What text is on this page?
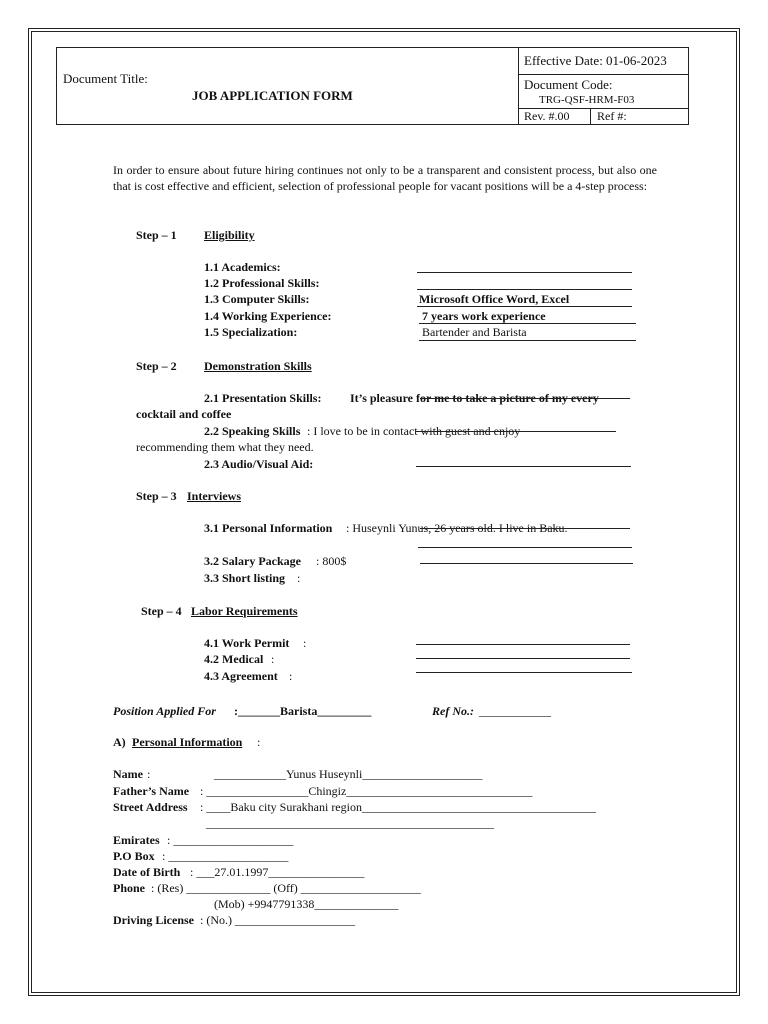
Document Title:
JOB APPLICATION FORM
Effective Date: 01-06-2023
Document Code:
TRG-QSF-HRM-F03
Rev. #.00 Ref #:
In order to ensure about future hiring continues not only to be a transparent and consistent process, but also one that is cost effective and efficient, selection of professional people for vacant positions will be a 4-step process:
Step – 1 Eligibility
1.1 Academics:
1.2 Professional Skills:
1.3 Computer Skills:	Microsoft Office Word, Excel
1.4 Working Experience:	7 years work experience
1.5 Specialization:	Bartender and Barista
Step – 2 Demonstration Skills
2.1 Presentation Skills: It’s pleasure for me to take a picture of my every
cocktail and coffee
2.2 Speaking Skills : I love to be in contact with guest and enjoy
recommending them what they need.
2.3 Audio/Visual Aid:
Step – 3 Interviews
3.1 Personal Information : Huseynli Yunus, 26 years old. I live in Baku.
3.2 Salary Package : 800$
3.3 Short listing :
Step – 4 Labor Requirements
4.1 Work Permit :
4.2 Medical :
4.3 Agreement :
Position Applied For : _______Barista_________	Ref No.: ____________
A) Personal Information :
Name :	____________Yunus Huseynli____________________
Father’s Name : _________________Chingiz_______________________________
Street Address : ____Baku city Surakhani region_______________________________________
________________________________________________
Emirates : ____________________
P.O Box : ____________________
Date of Birth : ___27.01.1997________________
Phone : (Res) ______________ (Off) ____________________
(Mob) +9947791338______________
Driving License : (No.) ____________________
